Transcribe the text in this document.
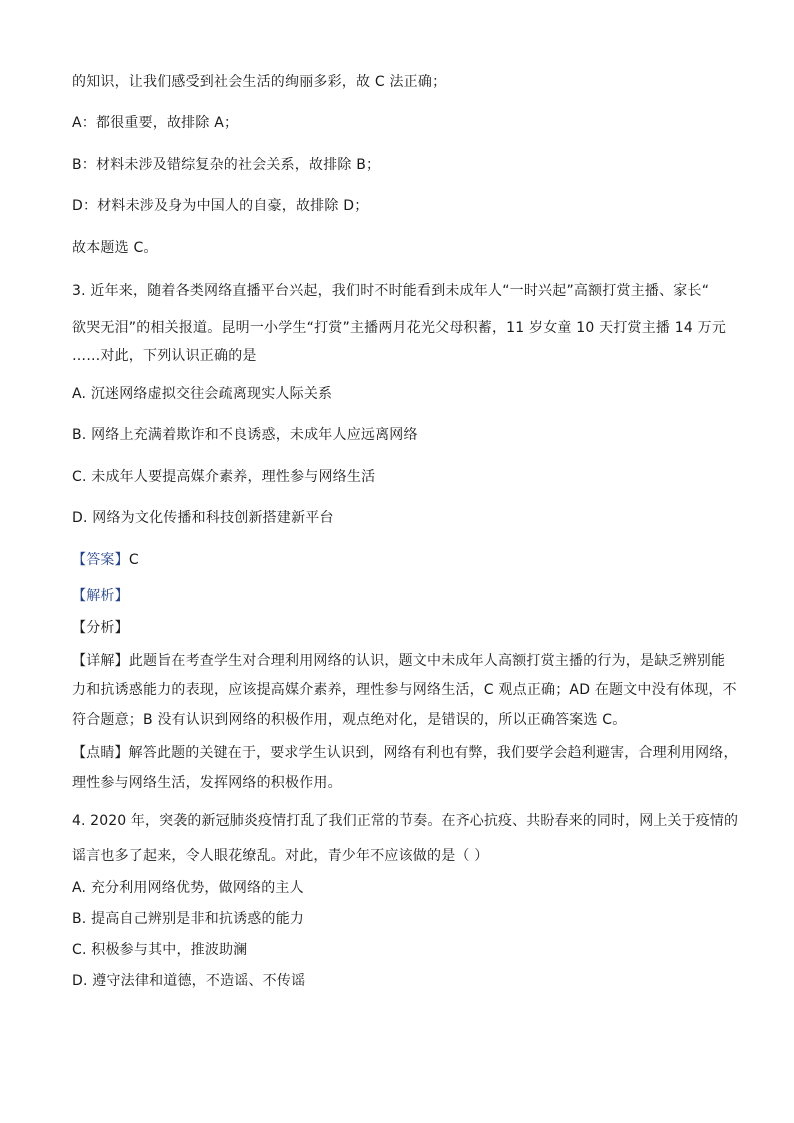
的知识，让我们感受到社会生活的绚丽多彩，故 C 法正确；
A：都很重要，故排除 A；
B：材料未涉及错综复杂的社会关系，故排除 B；
D：材料未涉及身为中国人的自豪，故排除 D；
故本题选 C。
3. 近年来，随着各类网络直播平台兴起，我们时不时能看到未成年人“一时兴起”高额打赏主播、家长“
欲哭无泪”的相关报道。昆明一小学生“打赏”主播两月花光父母积蓄，11 岁女童 10 天打赏主播 14 万元
……对此，下列认识正确的是
A. 沉迷网络虚拟交往会疏离现实人际关系
B. 网络上充满着欺诈和不良诱惑，未成年人应远离网络
C. 未成年人要提高媒介素养，理性参与网络生活
D. 网络为文化传播和科技创新搭建新平台
【答案】C
【解析】
【分析】
【详解】此题旨在考查学生对合理利用网络的认识，题文中未成年人高额打赏主播的行为，是缺乏辨别能
力和抗诱惑能力的表现，应该提高媒介素养，理性参与网络生活，C 观点正确；AD 在题文中没有体现，不
符合题意；B 没有认识到网络的积极作用，观点绝对化，是错误的，所以正确答案选 C。
【点睛】解答此题的关键在于，要求学生认识到，网络有利也有弊，我们要学会趋利避害，合理利用网络，
理性参与网络生活，发挥网络的积极作用。
4. 2020 年，突袭的新冠肺炎疫情打乱了我们正常的节奏。在齐心抗疫、共盼春来的同时，网上关于疫情的
谣言也多了起来，令人眼花缭乱。对此，青少年不应该做的是（ ）
A. 充分利用网络优势，做网络的主人
B. 提高自己辨别是非和抗诱惑的能力
C. 积极参与其中，推波助澜
D. 遵守法律和道德，不造谣、不传谣
